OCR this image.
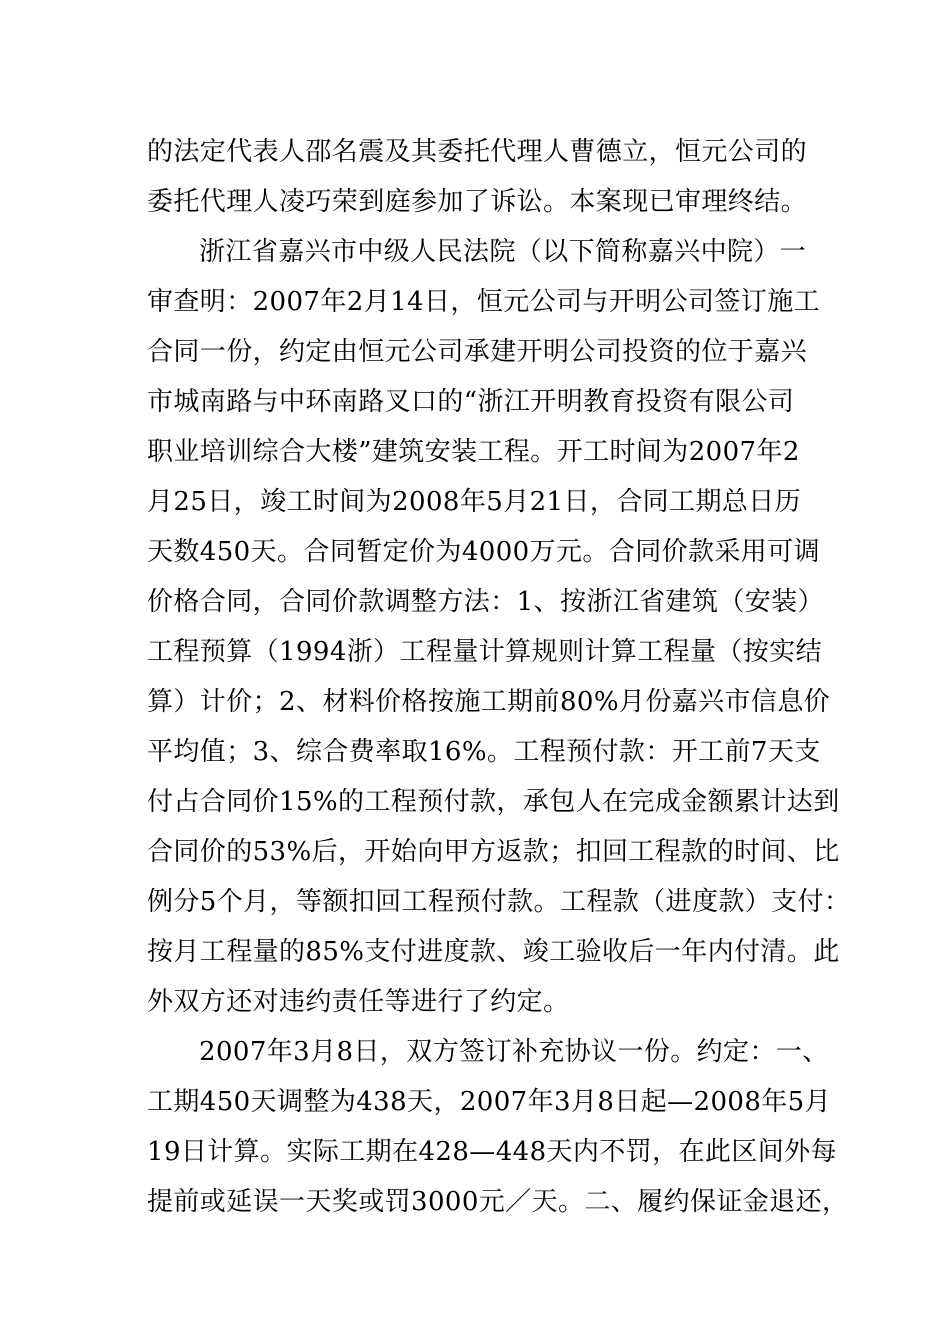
的法定代表人邵名震及其委托代理人曹德立，恒元公司的
委托代理人凌巧荣到庭参加了诉讼。本案现已审理终结。
浙江省嘉兴市中级人民法院（以下简称嘉兴中院）一
审查明：2007年2月14日，恒元公司与开明公司签订施工
合同一份，约定由恒元公司承建开明公司投资的位于嘉兴
市城南路与中环南路叉口的“浙江开明教育投资有限公司
职业培训综合大楼”建筑安装工程。开工时间为2007年2
月25日，竣工时间为2008年5月21日，合同工期总日历
天数450天。合同暂定价为4000万元。合同价款采用可调
价格合同，合同价款调整方法：1、按浙江省建筑（安装）
工程预算（1994浙）工程量计算规则计算工程量（按实结
算）计价；2、材料价格按施工期前80%月份嘉兴市信息价
平均值；3、综合费率取16%。工程预付款：开工前7天支
付占合同价15%的工程预付款，承包人在完成金额累计达到
合同价的53%后，开始向甲方返款；扣回工程款的时间、比
例分5个月，等额扣回工程预付款。工程款（进度款）支付：
按月工程量的85%支付进度款、竣工验收后一年内付清。此
外双方还对违约责任等进行了约定。
2007年3月8日，双方签订补充协议一份。约定：一、
工期450天调整为438天，2007年3月8日起—2008年5月
19日计算。实际工期在428—448天内不罚，在此区间外每
提前或延误一天奖或罚3000元／天。二、履约保证金退还，
